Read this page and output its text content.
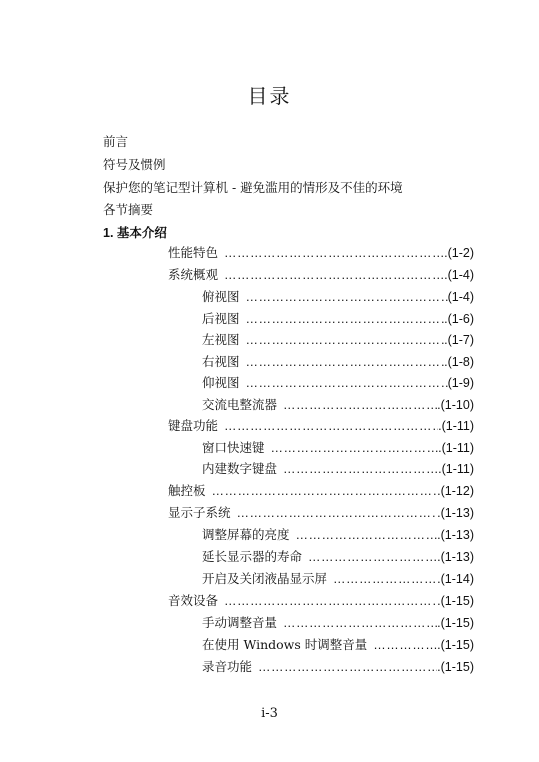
目录
前言
符号及惯例
保护您的笔记型计算机 - 避免滥用的情形及不佳的环境
各节摘要
1. 基本介绍
性能特色 ……………………………………………………………………………………………………………………	.(1-2)
系统概观 ……………………………………………………………………………………………………………………	.(1-4)
俯视图 ……………………………………………………………………………………………………………………	(1-4)
后视图 ……………………………………………………………………………………………………………………	.(1-6)
左视图 ……………………………………………………………………………………………………………………	.(1-7)
右视图 ……………………………………………………………………………………………………………………	.(1-8)
仰视图 ……………………………………………………………………………………………………………………	(1-9)
交流电整流器 ……………………………………………………………………………………………………………………	.(1-10)
键盘功能 ……………………………………………………………………………………………………………………	.(1-11)
窗口快速键 ……………………………………………………………………………………………………………………	.(1-11)
内建数字键盘 ……………………………………………………………………………………………………………………	.(1-11)
触控板 ……………………………………………………………………………………………………………………	.(1-12)
显示子系统 ……………………………………………………………………………………………………………………	.(1-13)
调整屏幕的亮度 ……………………………………………………………………………………………………………………	.(1-13)
延长显示器的寿命 ……………………………………………………………………………………………………………………	.(1-13)
开启及关闭液晶显示屏 ……………………………………………………………………………………………………………………	.(1-14)
音效设备 ……………………………………………………………………………………………………………………	.(1-15)
手动调整音量 ……………………………………………………………………………………………………………………	.(1-15)
在使用 Windows 时调整音量 ……………………………………………………………………………………………………………………	.(1-15)
录音功能 ……………………………………………………………………………………………………………………	.(1-15)
i-3
